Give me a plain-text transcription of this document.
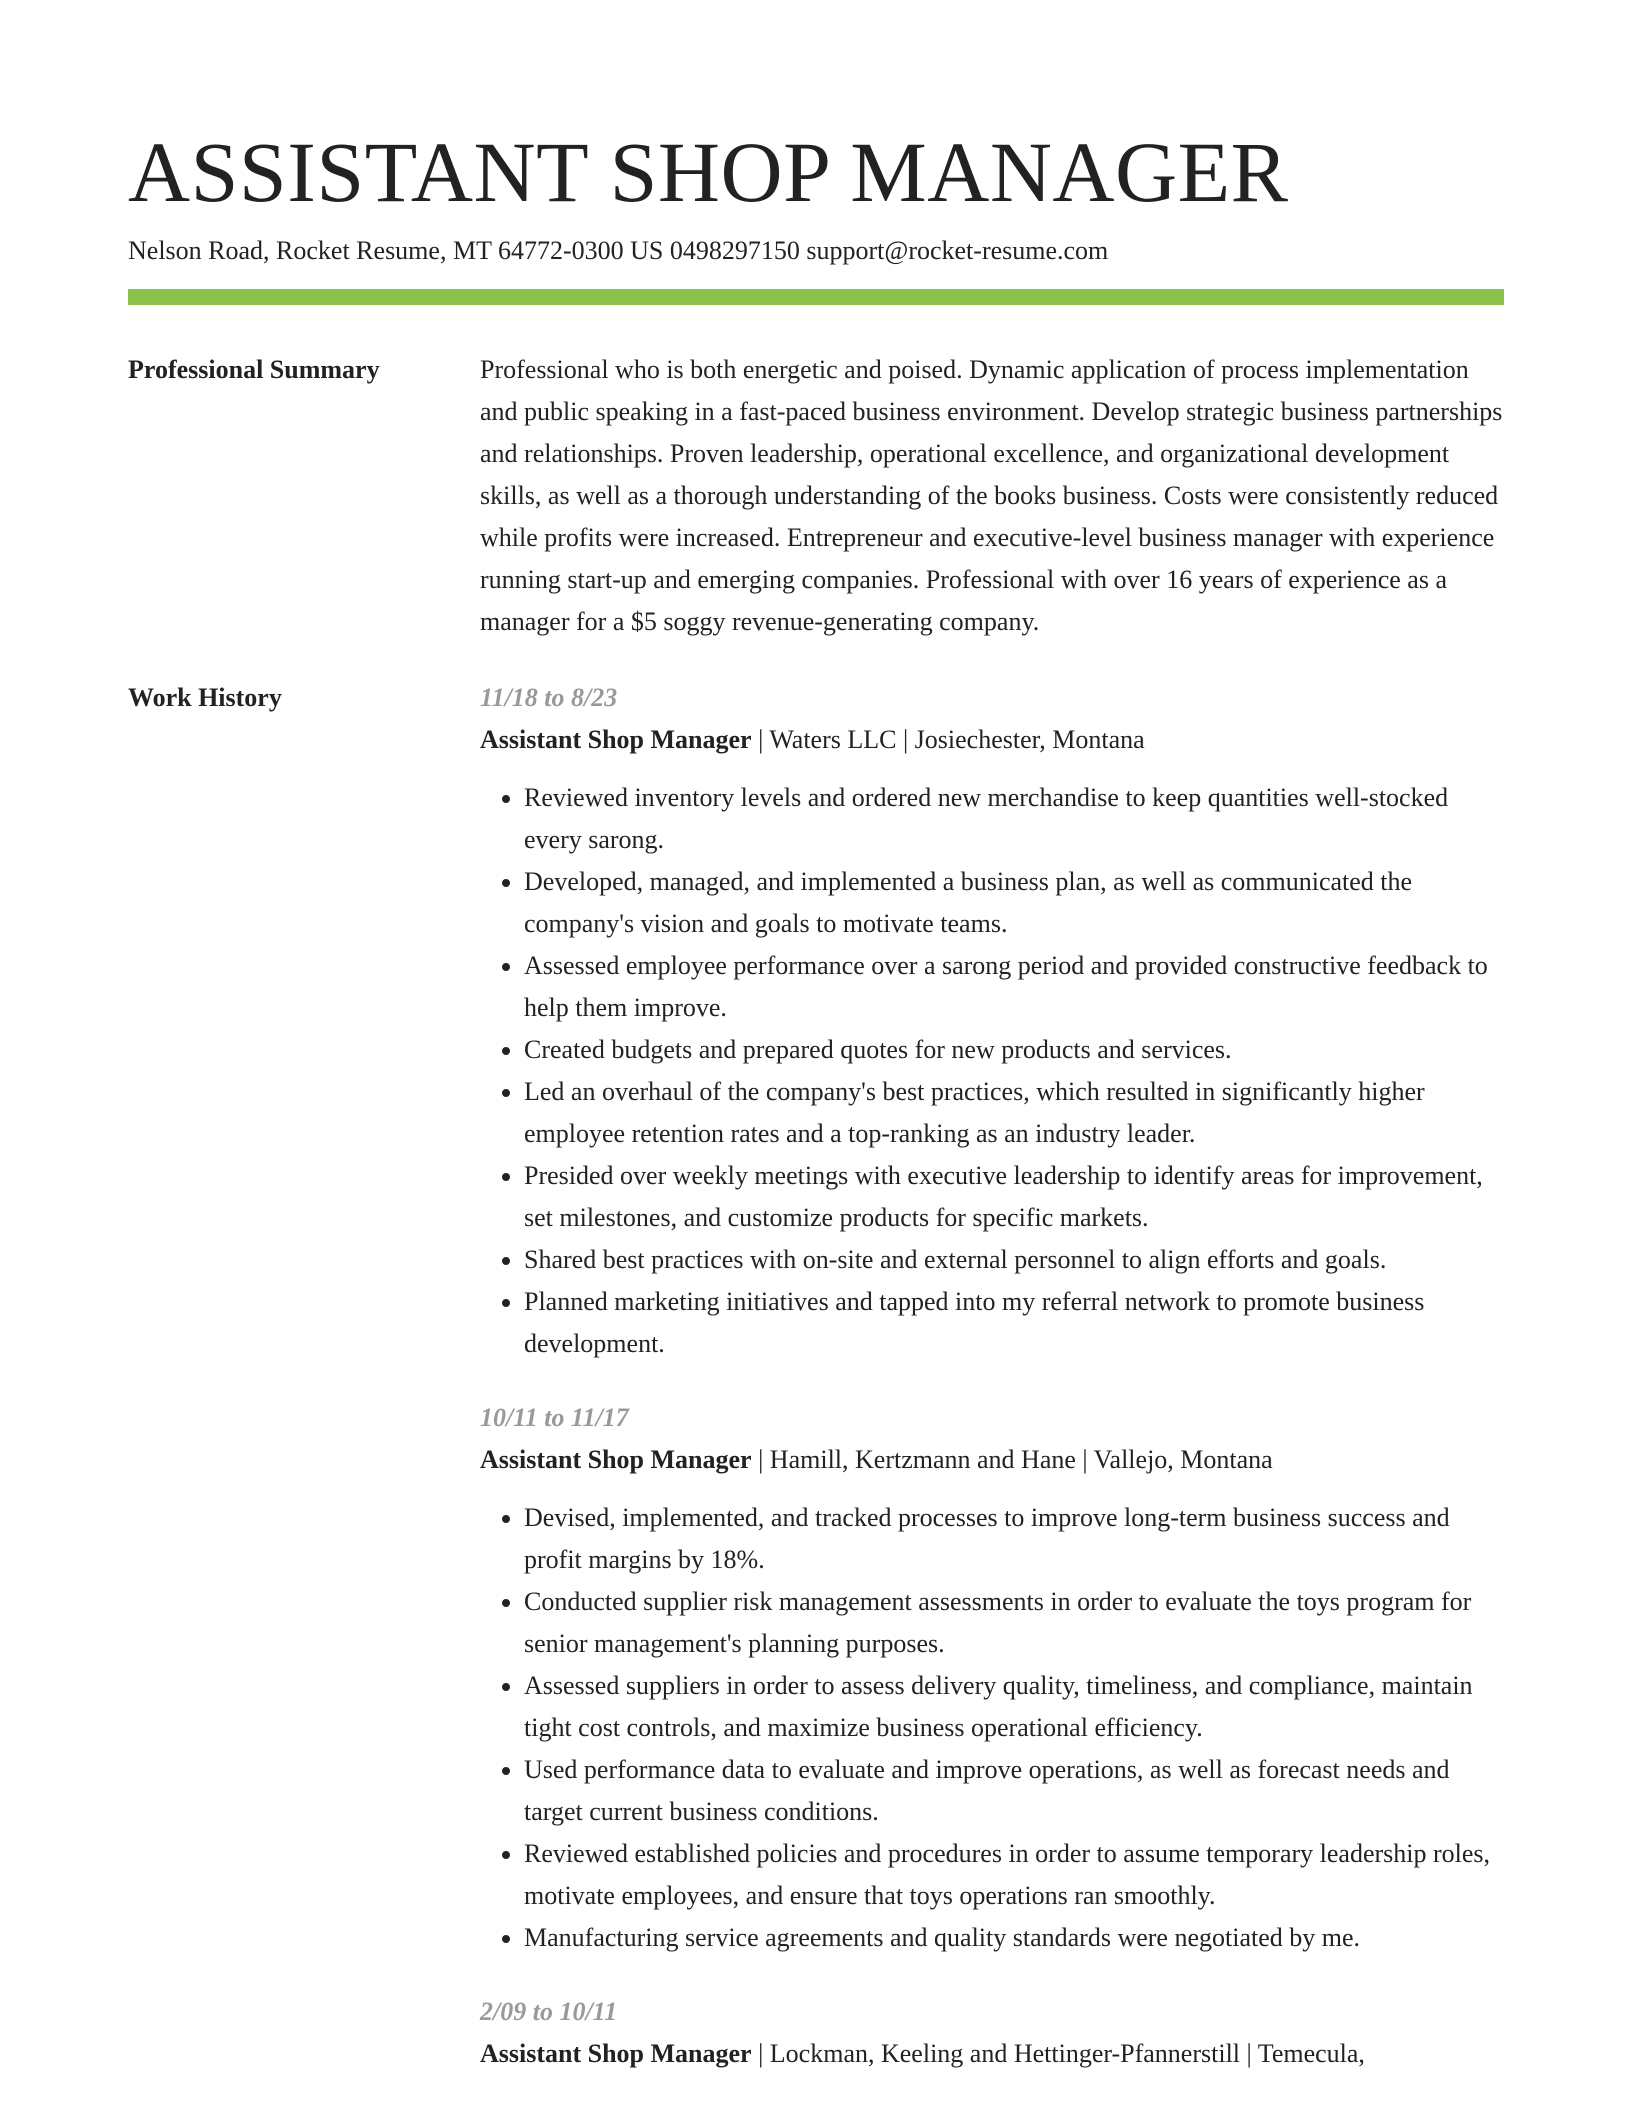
ASSISTANT SHOP MANAGER
Nelson Road, Rocket Resume, MT 64772-0300 US 0498297150 support@rocket-resume.com
Professional Summary	Professional who is both energetic and poised. Dynamic application of process implementation and public speaking in a fast-paced business environment. Develop strategic business partnerships and relationships. Proven leadership, operational excellence, and organizational development skills, as well as a thorough understanding of the books business. Costs were consistently reduced while profits were increased. Entrepreneur and executive-level business manager with experience running start-up and emerging companies. Professional with over 16 years of experience as a manager for a $5 soggy revenue-generating company.

Work History	11/18 to 8/23
Assistant Shop Manager | Waters LLC | Josiechester, Montana
• Reviewed inventory levels and ordered new merchandise to keep quantities well-stocked every sarong.
• Developed, managed, and implemented a business plan, as well as communicated the company's vision and goals to motivate teams.
• Assessed employee performance over a sarong period and provided constructive feedback to help them improve.
• Created budgets and prepared quotes for new products and services.
• Led an overhaul of the company's best practices, which resulted in significantly higher employee retention rates and a top-ranking as an industry leader.
• Presided over weekly meetings with executive leadership to identify areas for improvement, set milestones, and customize products for specific markets.
• Shared best practices with on-site and external personnel to align efforts and goals.
• Planned marketing initiatives and tapped into my referral network to promote business development.
10/11 to 11/17
Assistant Shop Manager | Hamill, Kertzmann and Hane | Vallejo, Montana
• Devised, implemented, and tracked processes to improve long-term business success and profit margins by 18%.
• Conducted supplier risk management assessments in order to evaluate the toys program for senior management's planning purposes.
• Assessed suppliers in order to assess delivery quality, timeliness, and compliance, maintain tight cost controls, and maximize business operational efficiency.
• Used performance data to evaluate and improve operations, as well as forecast needs and target current business conditions.
• Reviewed established policies and procedures in order to assume temporary leadership roles, motivate employees, and ensure that toys operations ran smoothly.
• Manufacturing service agreements and quality standards were negotiated by me.
2/09 to 10/11
Assistant Shop Manager | Lockman, Keeling and Hettinger-Pfannerstill | Temecula,
